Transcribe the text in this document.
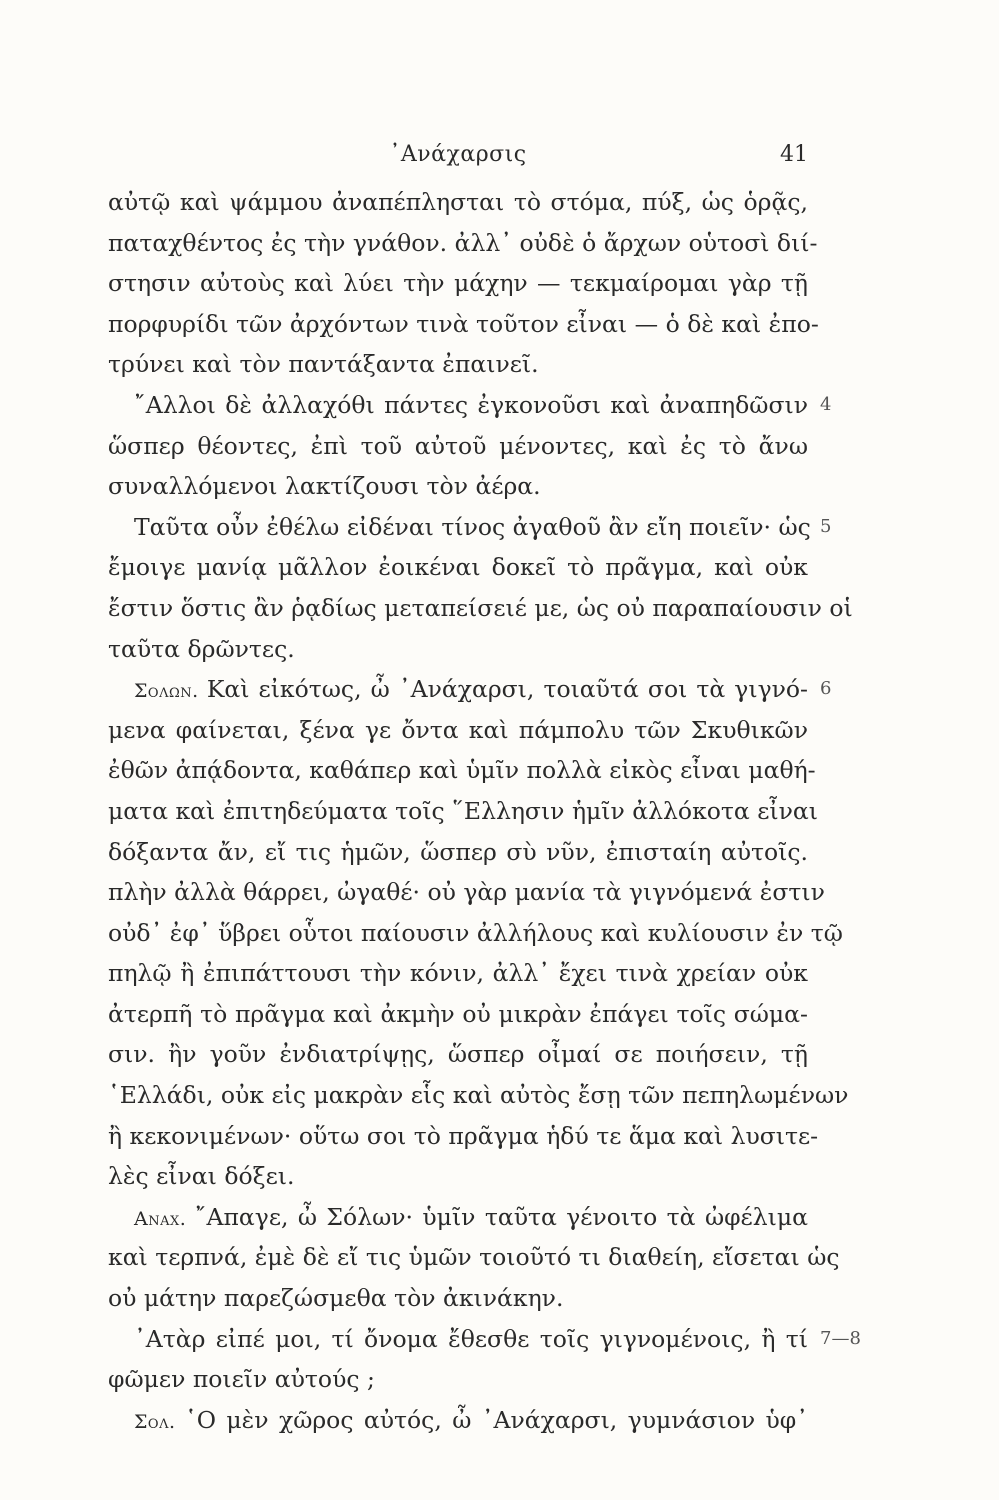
᾿Ανάχαρσις	41
αὐτῷ καὶ ψάμμου ἀναπέπλησται τὸ στόμα, πύξ, ὡς ὁρᾷς,
παταχθέντος ἐς τὴν γνάθον. ἀλλ᾿ οὐδὲ ὁ ἄρχων οὑτοσὶ διί-
στησιν αὐτοὺς καὶ λύει τὴν μάχην — τεκμαίρομαι γὰρ τῇ
πορφυρίδι τῶν ἀρχόντων τινὰ τοῦτον εἶναι — ὁ δὲ καὶ ἐπο-
τρύνει καὶ τὸν παντάξαντα ἐπαινεῖ.
῎Αλλοι δὲ ἀλλαχόθι πάντες ἐγκονοῦσι καὶ ἀναπηδῶσιν 4
ὥσπερ θέοντες, ἐπὶ τοῦ αὐτοῦ μένοντες, καὶ ἐς τὸ ἄνω
συναλλόμενοι λακτίζουσι τὸν ἀέρα.
Ταῦτα οὖν ἐθέλω εἰδέναι τίνος ἀγαθοῦ ἂν εἴη ποιεῖν· ὡς 5
ἔμοιγε μανίᾳ μᾶλλον ἐοικέναι δοκεῖ τὸ πρᾶγμα, καὶ οὐκ
ἔστιν ὅστις ἂν ῥᾳδίως μεταπείσειέ με, ὡς οὐ παραπαίουσιν οἱ
ταῦτα δρῶντες.
Σολων. Καὶ εἰκότως, ὦ ᾿Ανάχαρσι, τοιαῦτά σοι τὰ γιγνό- 6
μενα φαίνεται, ξένα γε ὄντα καὶ πάμπολυ τῶν Σκυθικῶν
ἐθῶν ἀπᾴδοντα, καθάπερ καὶ ὑμῖν πολλὰ εἰκὸς εἶναι μαθή-
ματα καὶ ἐπιτηδεύματα τοῖς ῞Ελλησιν ἡμῖν ἀλλόκοτα εἶναι
δόξαντα ἄν, εἴ τις ἡμῶν, ὥσπερ σὺ νῦν, ἐπισταίη αὐτοῖς.
πλὴν ἀλλὰ θάρρει, ὠγαθέ· οὐ γὰρ μανία τὰ γιγνόμενά ἐστιν
οὐδ᾿ ἐφ᾿ ὕβρει οὗτοι παίουσιν ἀλλήλους καὶ κυλίουσιν ἐν τῷ
πηλῷ ἢ ἐπιπάττουσι τὴν κόνιν, ἀλλ᾿ ἔχει τινὰ χρείαν οὐκ
ἀτερπῆ τὸ πρᾶγμα καὶ ἀκμὴν οὐ μικρὰν ἐπάγει τοῖς σώμα-
σιν. ἢν γοῦν ἐνδιατρίψῃς, ὥσπερ οἶμαί σε ποιήσειν, τῇ
῾Ελλάδι, οὐκ εἰς μακρὰν εἷς καὶ αὐτὸς ἔσῃ τῶν πεπηλωμένων
ἢ κεκονιμένων· οὕτω σοι τὸ πρᾶγμα ἡδύ τε ἅμα καὶ λυσιτε-
λὲς εἶναι δόξει.
Αναχ. ῎Απαγε, ὦ Σόλων· ὑμῖν ταῦτα γένοιτο τὰ ὠφέλιμα
καὶ τερπνά, ἐμὲ δὲ εἴ τις ὑμῶν τοιοῦτό τι διαθείη, εἴσεται ὡς
οὐ μάτην παρεζώσμεθα τὸν ἀκινάκην.
᾿Ατὰρ εἰπέ μοι, τί ὄνομα ἔθεσθε τοῖς γιγνομένοις, ἢ τί 7—8
φῶμεν ποιεῖν αὐτούς ;
Σολ. ῾Ο μὲν χῶρος αὐτός, ὦ ᾿Ανάχαρσι, γυμνάσιον ὑφ᾿
